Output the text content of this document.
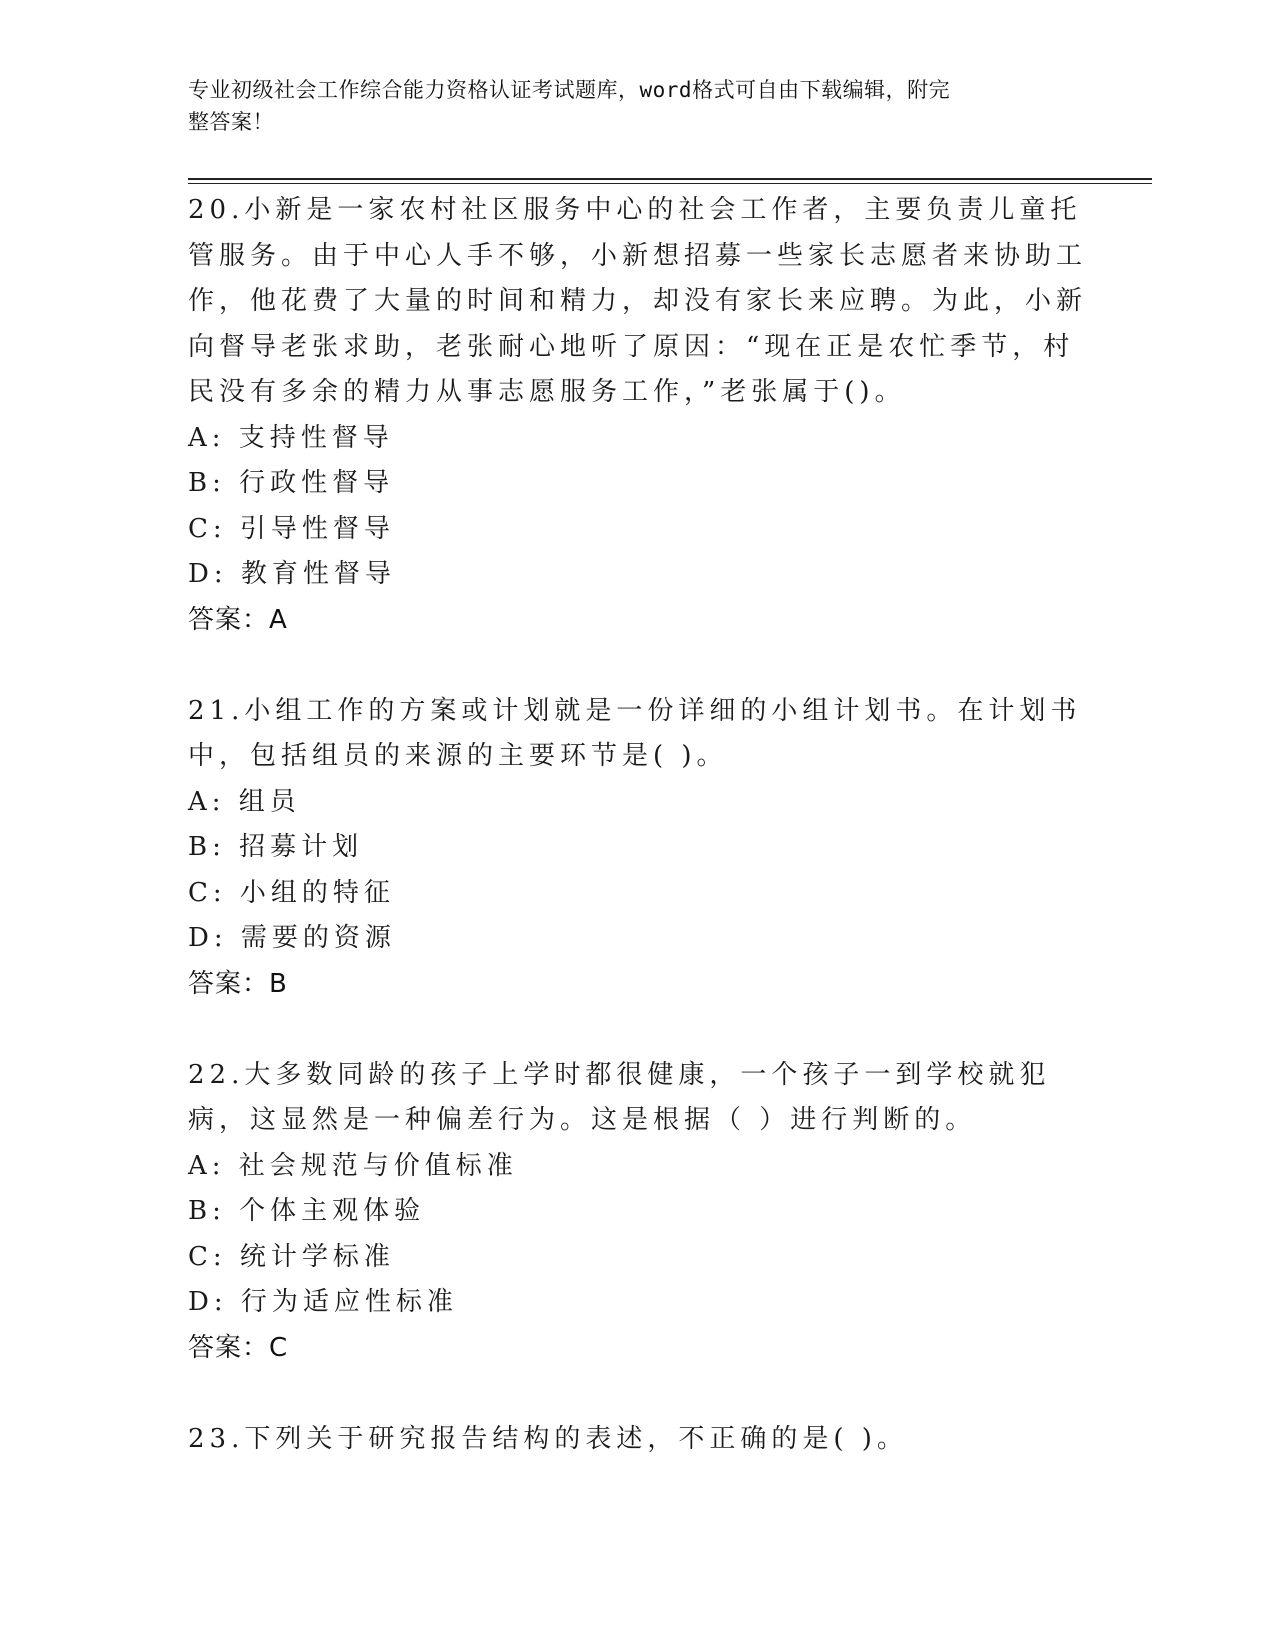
专业初级社会工作综合能力资格认证考试题库，word格式可自由下载编辑，附完
整答案！

20.小新是一家农村社区服务中心的社会工作者，主要负责儿童托管服务。由于中心人手不够，小新想招募一些家长志愿者来协助工作，他花费了大量的时间和精力，却没有家长来应聘。为此，小新向督导老张求助，老张耐心地听了原因：“现在正是农忙季节，村民没有多余的精力从事志愿服务工作，”老张属于()。

A: 支持性督导

B: 行政性督导

C: 引导性督导

D: 教育性督导

答案：A

21.小组工作的方案或计划就是一份详细的小组计划书。在计划书中，包括组员的来源的主要环节是( )。

A: 组员

B: 招募计划

C: 小组的特征

D: 需要的资源

答案：B

22.大多数同龄的孩子上学时都很健康，一个孩子一到学校就犯病，这显然是一种偏差行为。这是根据（ ）进行判断的。

A: 社会规范与价值标准

B: 个体主观体验

C: 统计学标准

D: 行为适应性标准

答案：C

23.下列关于研究报告结构的表述，不正确的是( )。
